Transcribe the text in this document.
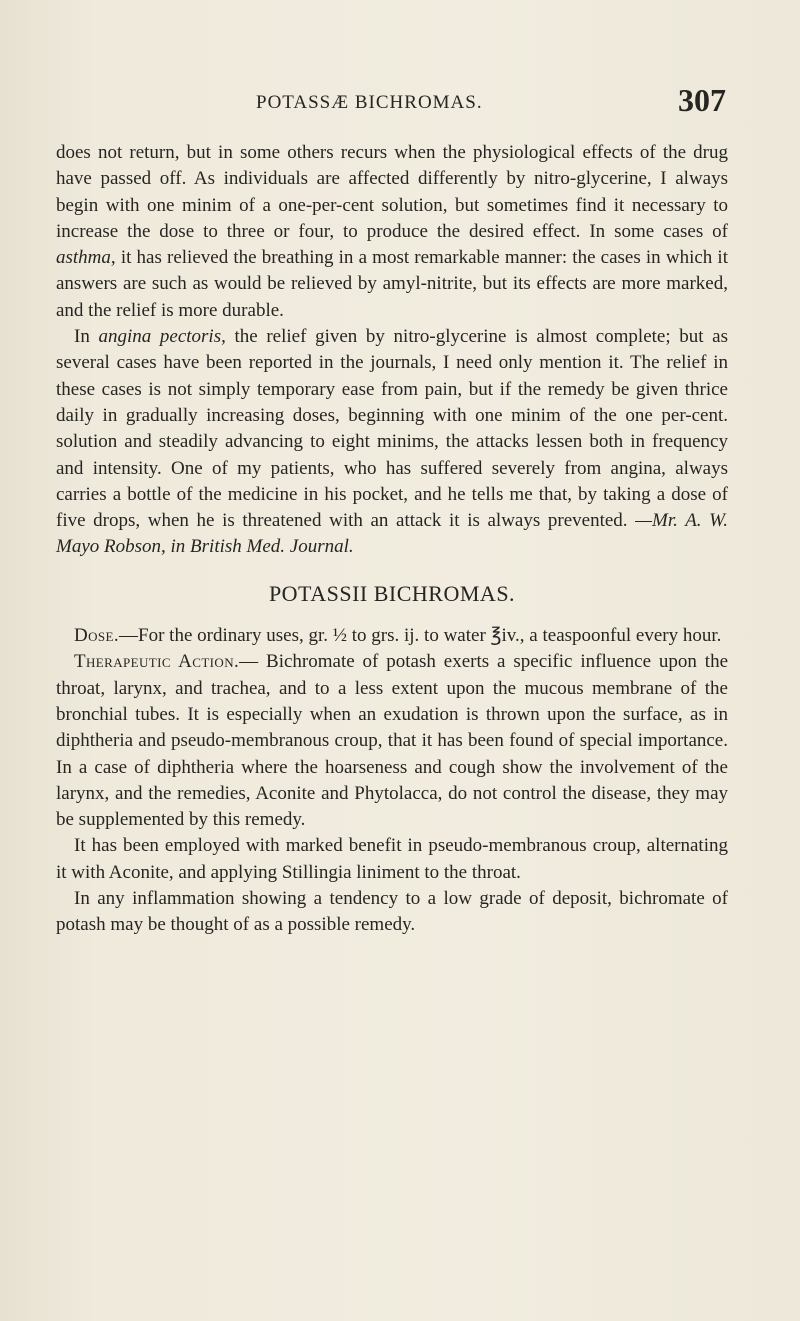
POTASSÆ BICHROMAS.	307

does not return, but in some others recurs when the physiological effects of the drug have passed off. As individuals are affected differently by nitro-glycerine, I always begin with one minim of a one-per-cent solution, but sometimes find it necessary to increase the dose to three or four, to produce the desired effect. In some cases of asthma, it has relieved the breathing in a most remarkable manner: the cases in which it answers are such as would be relieved by amyl-nitrite, but its effects are more marked, and the relief is more durable.

In angina pectoris, the relief given by nitro-glycerine is almost complete; but as several cases have been reported in the journals, I need only mention it. The relief in these cases is not simply temporary ease from pain, but if the remedy be given thrice daily in gradually increasing doses, beginning with one minim of the one per-cent. solution and steadily advancing to eight minims, the attacks lessen both in frequency and intensity. One of my patients, who has suffered severely from angina, always carries a bottle of the medicine in his pocket, and he tells me that, by taking a dose of five drops, when he is threatened with an attack it is always prevented. —Mr. A. W. Mayo Robson, in British Med. Journal.

POTASSII BICHROMAS.

Dose.—For the ordinary uses, gr. ½ to grs. ij. to water ℥iv., a teaspoonful every hour.

Therapeutic Action.— Bichromate of potash exerts a specific influence upon the throat, larynx, and trachea, and to a less extent upon the mucous membrane of the bronchial tubes. It is especially when an exudation is thrown upon the surface, as in diphtheria and pseudo-membranous croup, that it has been found of special importance. In a case of diphtheria where the hoarseness and cough show the involvement of the larynx, and the remedies, Aconite and Phytolacca, do not control the disease, they may be supplemented by this remedy.

It has been employed with marked benefit in pseudo-membranous croup, alternating it with Aconite, and applying Stillingia liniment to the throat.

In any inflammation showing a tendency to a low grade of deposit, bichromate of potash may be thought of as a possible remedy.
